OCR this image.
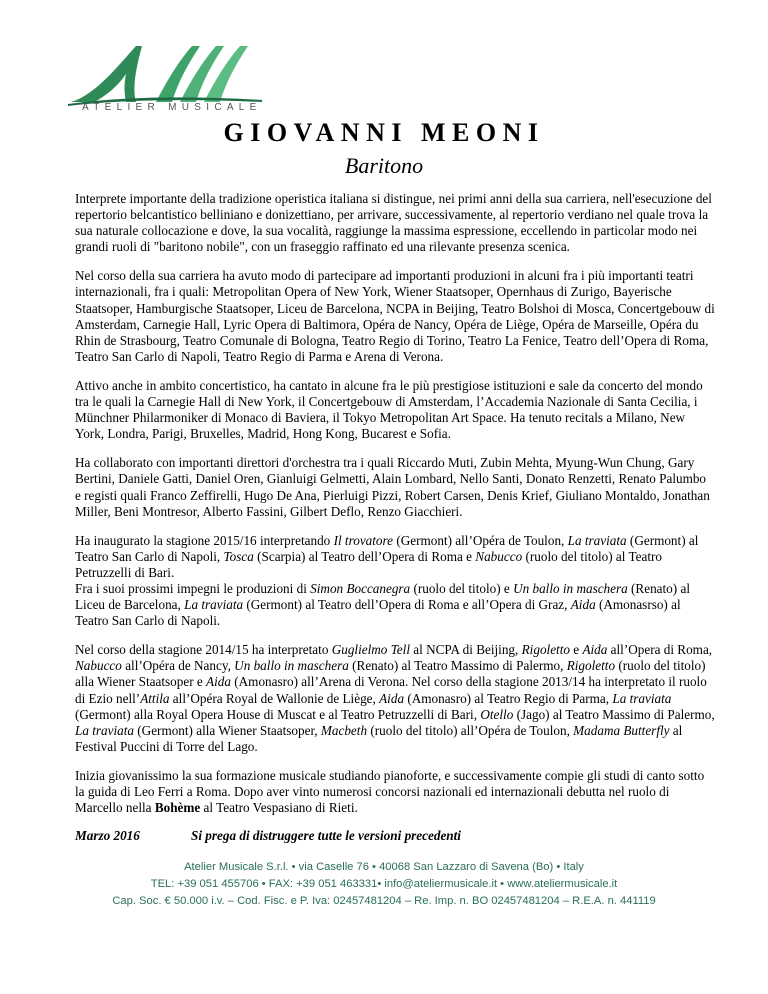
ATELIER MUSICALE
GIOVANNI MEONI
Baritono

Interprete importante della tradizione operistica italiana si distingue, nei primi anni della sua carriera, nell'esecuzione del repertorio belcantistico belliniano e donizettiano, per arrivare, successivamente, al repertorio verdiano nel quale trova la sua naturale collocazione e dove, la sua vocalità, raggiunge la massima espressione, eccellendo in particolar modo nei grandi ruoli di "baritono nobile", con un fraseggio raffinato ed una rilevante presenza scenica.

Nel corso della sua carriera ha avuto modo di partecipare ad importanti produzioni in alcuni fra i più importanti teatri internazionali, fra i quali: Metropolitan Opera of New York, Wiener Staatsoper, Opernhaus di Zurigo, Bayerische Staatsoper, Hamburgische Staatsoper, Liceu de Barcelona, NCPA in Beijing, Teatro Bolshoi di Mosca, Concertgebouw di Amsterdam, Carnegie Hall, Lyric Opera di Baltimora, Opéra de Nancy, Opéra de Liège, Opéra de Marseille, Opéra du Rhin de Strasbourg, Teatro Comunale di Bologna, Teatro Regio di Torino, Teatro La Fenice, Teatro dell’Opera di Roma, Teatro San Carlo di Napoli, Teatro Regio di Parma e Arena di Verona.

Attivo anche in ambito concertistico, ha cantato in alcune fra le più prestigiose istituzioni e sale da concerto del mondo tra le quali la Carnegie Hall di New York, il Concertgebouw di Amsterdam, l’Accademia Nazionale di Santa Cecilia, i Münchner Philarmoniker di Monaco di Baviera, il Tokyo Metropolitan Art Space. Ha tenuto recitals a Milano, New York, Londra, Parigi, Bruxelles, Madrid, Hong Kong, Bucarest e Sofia.

Ha collaborato con importanti direttori d'orchestra tra i quali Riccardo Muti, Zubin Mehta, Myung-Wun Chung, Gary Bertini, Daniele Gatti, Daniel Oren, Gianluigi Gelmetti, Alain Lombard, Nello Santi, Donato Renzetti, Renato Palumbo e registi quali Franco Zeffirelli, Hugo De Ana, Pierluigi Pizzi, Robert Carsen, Denis Krief, Giuliano Montaldo, Jonathan Miller, Beni Montresor, Alberto Fassini, Gilbert Deflo, Renzo Giacchieri.

Ha inaugurato la stagione 2015/16 interpretando Il trovatore (Germont) all’Opéra de Toulon, La traviata (Germont) al Teatro San Carlo di Napoli, Tosca (Scarpia) al Teatro dell’Opera di Roma e Nabucco (ruolo del titolo) al Teatro Petruzzelli di Bari.
Fra i suoi prossimi impegni le produzioni di Simon Boccanegra (ruolo del titolo) e Un ballo in maschera (Renato) al Liceu de Barcelona, La traviata (Germont) al Teatro dell’Opera di Roma e all’Opera di Graz, Aida (Amonasrso) al Teatro San Carlo di Napoli.

Nel corso della stagione 2014/15 ha interpretato Guglielmo Tell al NCPA di Beijing, Rigoletto e Aida all’Opera di Roma, Nabucco all’Opéra de Nancy, Un ballo in maschera (Renato) al Teatro Massimo di Palermo, Rigoletto (ruolo del titolo) alla Wiener Staatsoper e Aida (Amonasro) all’Arena di Verona. Nel corso della stagione 2013/14 ha interpretato il ruolo di Ezio nell’Attila all’Opéra Royal de Wallonie de Liège, Aida (Amonasro) al Teatro Regio di Parma, La traviata (Germont) alla Royal Opera House di Muscat e al Teatro Petruzzelli di Bari, Otello (Jago) al Teatro Massimo di Palermo, La traviata (Germont) alla Wiener Staatsoper, Macbeth (ruolo del titolo) all’Opéra de Toulon, Madama Butterfly al Festival Puccini di Torre del Lago.

Inizia giovanissimo la sua formazione musicale studiando pianoforte, e successivamente compie gli studi di canto sotto la guida di Leo Ferri a Roma. Dopo aver vinto numerosi concorsi nazionali ed internazionali debutta nel ruolo di Marcello nella Bohème al Teatro Vespasiano di Rieti.

Marzo 2016	Si prega di distruggere tutte le versioni precedenti
Atelier Musicale S.r.l. • via Caselle 76 • 40068 San Lazzaro di Savena (Bo) • Italy
TEL: +39 051 455706 • FAX: +39 051 463331• info@ateliermusicale.it • www.ateliermusicale.it
Cap. Soc. € 50.000 i.v. – Cod. Fisc. e P. Iva: 02457481204 – Re. Imp. n. BO 02457481204 – R.E.A. n. 441119
